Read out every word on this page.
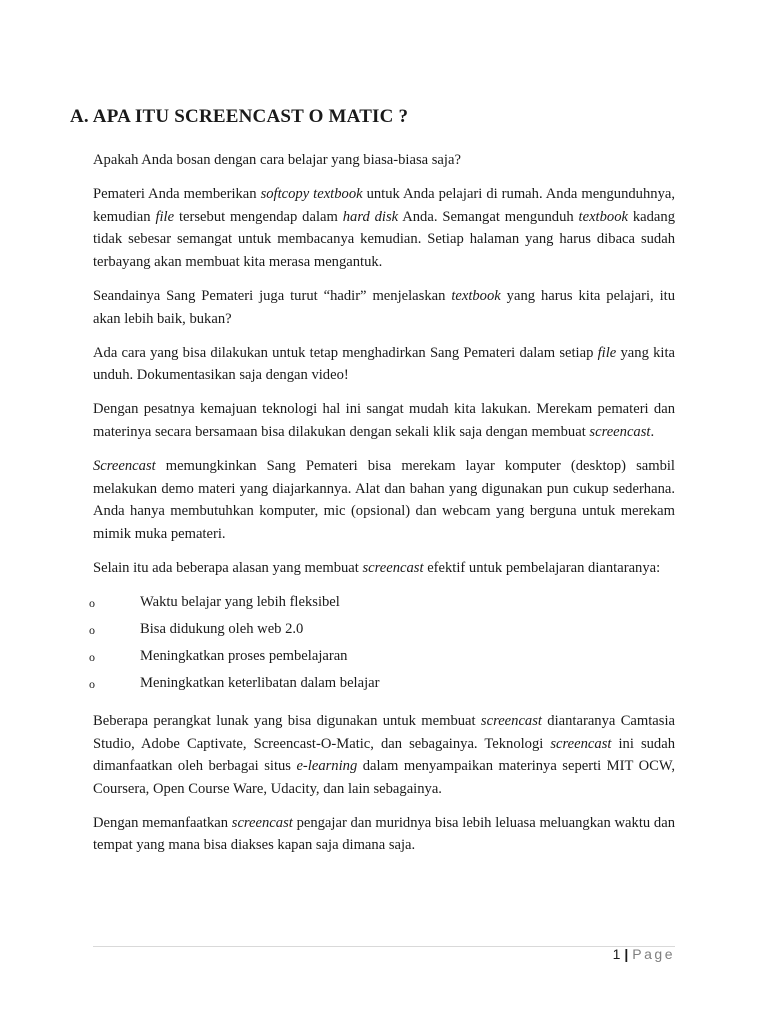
A. APA ITU SCREENCAST O MATIC ?

Apakah Anda bosan dengan cara belajar yang biasa-biasa saja?

Pemateri Anda memberikan softcopy textbook untuk Anda pelajari di rumah. Anda mengunduhnya, kemudian file tersebut mengendap dalam hard disk Anda. Semangat mengunduh textbook kadang tidak sebesar semangat untuk membacanya kemudian. Setiap halaman yang harus dibaca sudah terbayang akan membuat kita merasa mengantuk.

Seandainya Sang Pemateri juga turut “hadir” menjelaskan textbook yang harus kita pelajari, itu akan lebih baik, bukan?

Ada cara yang bisa dilakukan untuk tetap menghadirkan Sang Pemateri dalam setiap file yang kita unduh. Dokumentasikan saja dengan video!

Dengan pesatnya kemajuan teknologi hal ini sangat mudah kita lakukan. Merekam pemateri dan materinya secara bersamaan bisa dilakukan dengan sekali klik saja dengan membuat screencast.

Screencast memungkinkan Sang Pemateri bisa merekam layar komputer (desktop) sambil melakukan demo materi yang diajarkannya. Alat dan bahan yang digunakan pun cukup sederhana. Anda hanya membutuhkan komputer, mic (opsional) dan webcam yang berguna untuk merekam mimik muka pemateri.

Selain itu ada beberapa alasan yang membuat screencast efektif untuk pembelajaran diantaranya:

o	Waktu belajar yang lebih fleksibel
o	Bisa didukung oleh web 2.0
o	Meningkatkan proses pembelajaran
o	Meningkatkan keterlibatan dalam belajar

Beberapa perangkat lunak yang bisa digunakan untuk membuat screencast diantaranya Camtasia Studio, Adobe Captivate, Screencast-O-Matic, dan sebagainya. Teknologi screencast ini sudah dimanfaatkan oleh berbagai situs e-learning dalam menyampaikan materinya seperti MIT OCW, Coursera, Open Course Ware, Udacity, dan lain sebagainya.

Dengan memanfaatkan screencast pengajar dan muridnya bisa lebih leluasa meluangkan waktu dan tempat yang mana bisa diakses kapan saja dimana saja.

1 | Page
